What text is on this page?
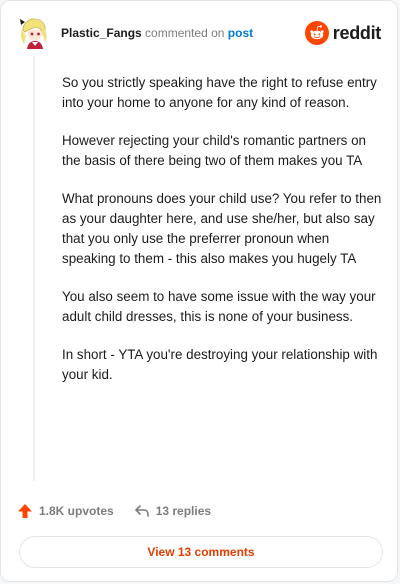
Plastic_Fangs commented on post	reddit

So you strictly speaking have the right to refuse entry into your home to anyone for any kind of reason.

However rejecting your child's romantic partners on the basis of there being two of them makes you TA

What pronouns does your child use? You refer to then as your daughter here, and use she/her, but also say that you only use the preferrer pronoun when speaking to them - this also makes you hugely TA

You also seem to have some issue with the way your adult child dresses, this is none of your business.

In short - YTA you're destroying your relationship with your kid.

1.8K upvotes	13 replies
View 13 comments
